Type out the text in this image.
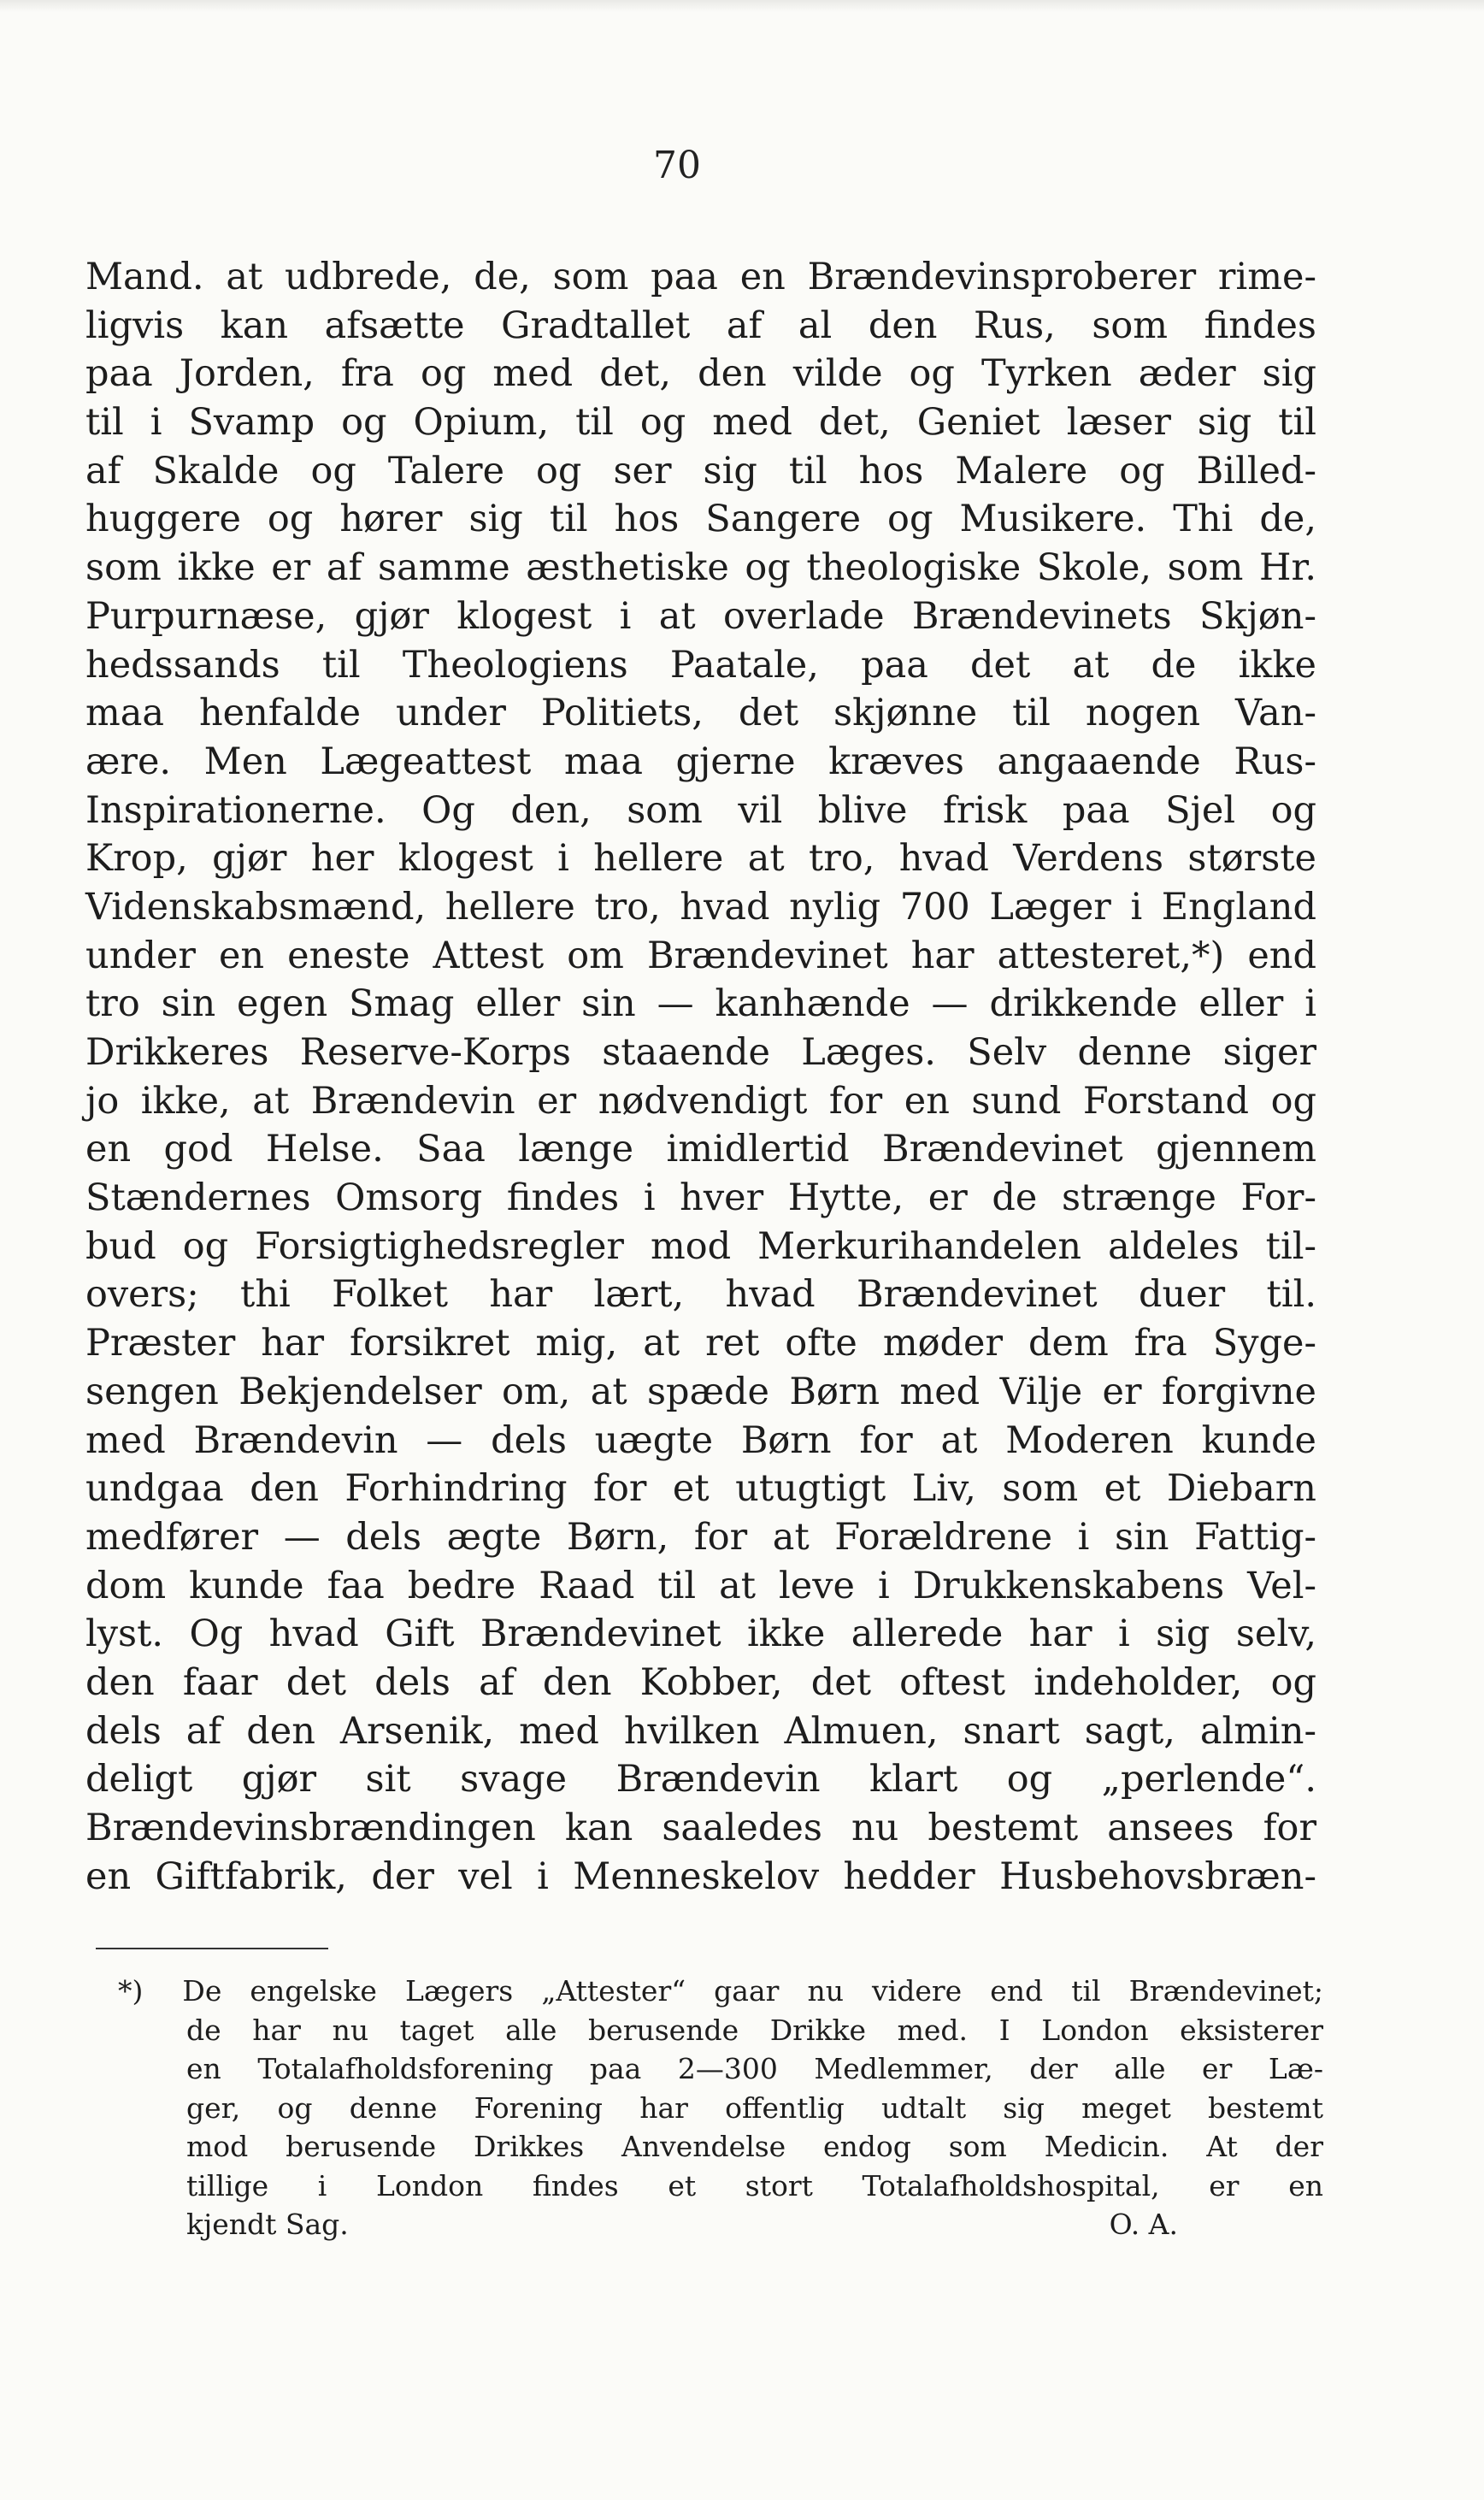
70
Mand. at udbrede, de, som paa en Brændevinsproberer rime-
ligvis kan afsætte Gradtallet af al den Rus, som findes
paa Jorden, fra og med det, den vilde og Tyrken æder sig
til i Svamp og Opium, til og med det, Geniet læser sig til
af Skalde og Talere og ser sig til hos Malere og Billed-
huggere og hører sig til hos Sangere og Musikere. Thi de,
som ikke er af samme æsthetiske og theologiske Skole, som Hr.
Purpurnæse, gjør klogest i at overlade Brændevinets Skjøn-
hedssands til Theologiens Paatale, paa det at de ikke
maa henfalde under Politiets, det skjønne til nogen Van-
ære. Men Lægeattest maa gjerne kræves angaaende Rus-
Inspirationerne. Og den, som vil blive frisk paa Sjel og
Krop, gjør her klogest i hellere at tro, hvad Verdens største
Videnskabsmænd, hellere tro, hvad nylig 700 Læger i England
under en eneste Attest om Brændevinet har attesteret,*) end
tro sin egen Smag eller sin — kanhænde — drikkende eller i
Drikkeres Reserve-Korps staaende Læges. Selv denne siger
jo ikke, at Brændevin er nødvendigt for en sund Forstand og
en god Helse. Saa længe imidlertid Brændevinet gjennem
Stændernes Omsorg findes i hver Hytte, er de strænge For-
bud og Forsigtighedsregler mod Merkurihandelen aldeles til-
overs; thi Folket har lært, hvad Brændevinet duer til.
Præster har forsikret mig, at ret ofte møder dem fra Syge-
sengen Bekjendelser om, at spæde Børn med Vilje er forgivne
med Brændevin — dels uægte Børn for at Moderen kunde
undgaa den Forhindring for et utugtigt Liv, som et Diebarn
medfører — dels ægte Børn, for at Forældrene i sin Fattig-
dom kunde faa bedre Raad til at leve i Drukkenskabens Vel-
lyst. Og hvad Gift Brændevinet ikke allerede har i sig selv,
den faar det dels af den Kobber, det oftest indeholder, og
dels af den Arsenik, med hvilken Almuen, snart sagt, almin-
deligt gjør sit svage Brændevin klart og „perlende“.
Brændevinsbrændingen kan saaledes nu bestemt ansees for
en Giftfabrik, der vel i Menneskelov hedder Husbehovsbræn-
*) De engelske Lægers „Attester“ gaar nu videre end til Brændevinet;
de har nu taget alle berusende Drikke med. I London eksisterer
en Totalafholdsforening paa 2—300 Medlemmer, der alle er Læ-
ger, og denne Forening har offentlig udtalt sig meget bestemt
mod berusende Drikkes Anvendelse endog som Medicin. At der
tillige i London findes et stort Totalafholdshospital, er en
kjendt Sag.	O. A.
